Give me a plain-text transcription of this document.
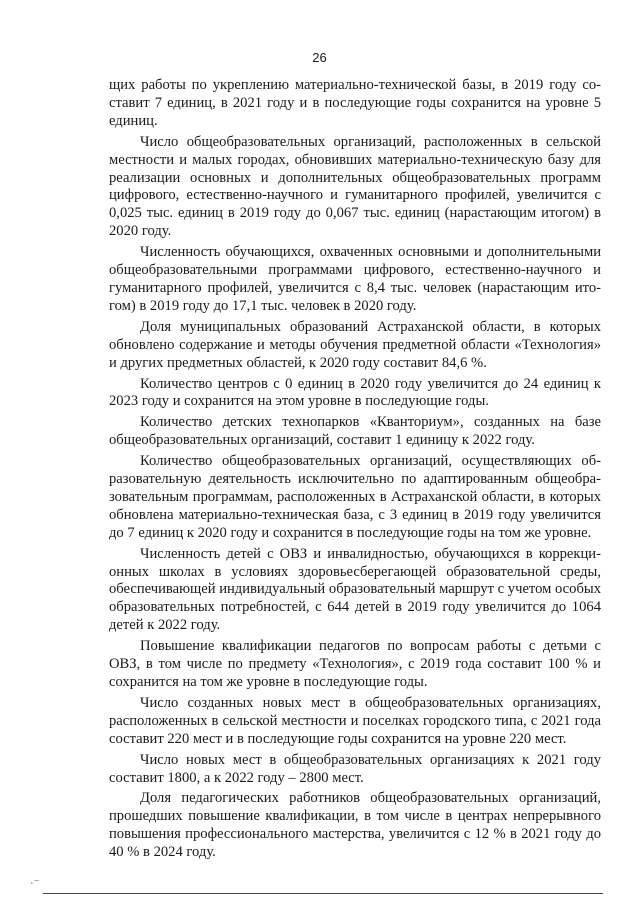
26

щих работы по укреплению материально-технической базы, в 2019 году составит 7 единиц, в 2021 году и в последующие годы сохранится на уровне 5 единиц.

Число общеобразовательных организаций, расположенных в сельской местности и малых городах, обновивших материально-техническую базу для реализации основных и дополнительных общеобразовательных программ цифрового, естественно-научного и гуманитарного профилей, увеличится с 0,025 тыс. единиц в 2019 году до 0,067 тыс. единиц (нарастающим итогом) в 2020 году.

Численность обучающихся, охваченных основными и дополнительными общеобразовательными программами цифрового, естественно-научного и гуманитарного профилей, увеличится с 8,4 тыс. человек (нарастающим итогом) в 2019 году до 17,1 тыс. человек в 2020 году.

Доля муниципальных образований Астраханской области, в которых обновлено содержание и методы обучения предметной области «Технология» и других предметных областей, к 2020 году составит 84,6 %.

Количество центров с 0 единиц в 2020 году увеличится до 24 единиц к 2023 году и сохранится на этом уровне в последующие годы.

Количество детских технопарков «Кванториум», созданных на базе общеобразовательных организаций, составит 1 единицу к 2022 году.

Количество общеобразовательных организаций, осуществляющих образовательную деятельность исключительно по адаптированным общеобразовательным программам, расположенных в Астраханской области, в которых обновлена материально-техническая база, с 3 единиц в 2019 году увеличится до 7 единиц к 2020 году и сохранится в последующие годы на том же уровне.

Численность детей с ОВЗ и инвалидностью, обучающихся в коррекционных школах в условиях здоровьесберегающей образовательной среды, обеспечивающей индивидуальный образовательный маршрут с учетом особых образовательных потребностей, с 644 детей в 2019 году увеличится до 1064 детей к 2022 году.

Повышение квалификации педагогов по вопросам работы с детьми с ОВЗ, в том числе по предмету «Технология», с 2019 года составит 100 % и сохранится на том же уровне в последующие годы.

Число созданных новых мест в общеобразовательных организациях, расположенных в сельской местности и поселках городского типа, с 2021 года составит 220 мест и в последующие годы сохранится на уровне 220 мест.

Число новых мест в общеобразовательных организациях к 2021 году составит 1800, а к 2022 году – 2800 мест.

Доля педагогических работников общеобразовательных организаций, прошедших повышение квалификации, в том числе в центрах непрерывного повышения профессионального мастерства, увеличится с 12 % в 2021 году до 40 % в 2024 году.

·⁻
